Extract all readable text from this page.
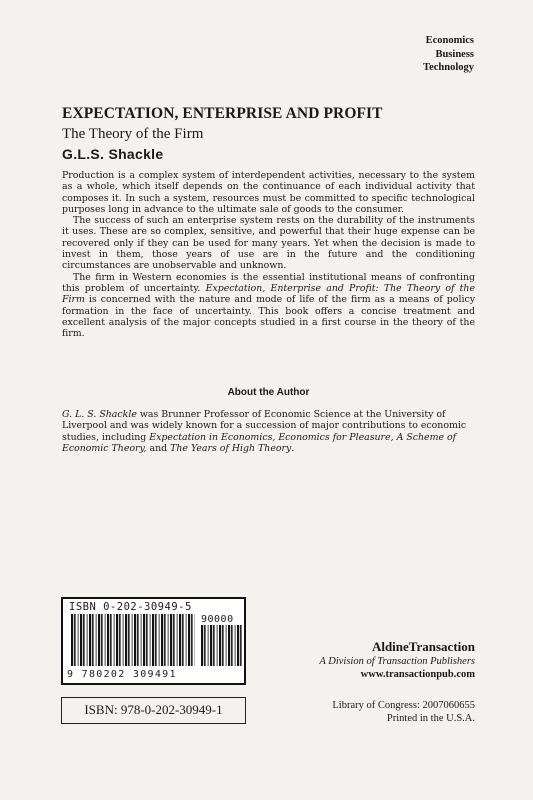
Economics
Business
Technology
EXPECTATION, ENTERPRISE AND PROFIT
The Theory of the Firm
G.L.S. Shackle

Production is a complex system of interdependent activities, necessary to the system as a whole, which itself depends on the continuance of each individual activity that composes it. In such a system, resources must be committed to specific technological purposes long in advance to the ultimate sale of goods to the consumer.

The success of such an enterprise system rests on the durability of the instruments it uses. These are so complex, sensitive, and powerful that their huge expense can be recovered only if they can be used for many years. Yet when the decision is made to invest in them, those years of use are in the future and the conditioning circumstances are unobservable and unknown.

The firm in Western economies is the essential institutional means of confronting this problem of uncertainty. Expectation, Enterprise and Profit: The Theory of the Firm is concerned with the nature and mode of life of the firm as a means of policy formation in the face of uncertainty. This book offers a concise treatment and excellent analysis of the major concepts studied in a first course in the theory of the firm.

About the Author

G. L. S. Shackle was Brunner Professor of Economic Science at the University of Liverpool and was widely known for a succession of major contributions to economic studies, including Expectation in Economics, Economics for Pleasure, A Scheme of Economic Theory, and The Years of High Theory.

ISBN 0-202-30949-5
90000
9 780202 309491
ISBN: 978-0-202-30949-1
AldineTransaction
A Division of Transaction Publishers
www.transactionpub.com
Library of Congress: 2007060655
Printed in the U.S.A.
